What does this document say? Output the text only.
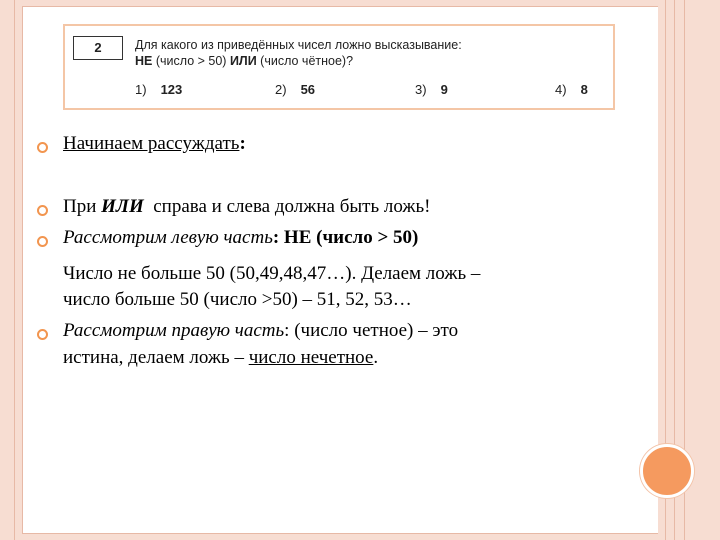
2	Для какого из приведённых чисел ложно высказывание:
НЕ (число > 50) ИЛИ (число чётное)?
1) 123	2) 56	3) 9	4) 8
Начинаем рассуждать:
При ИЛИ  справа и слева должна быть ложь!
Рассмотрим левую часть: НЕ (число > 50)
Число не больше 50 (50,49,48,47…). Делаем ложь –
число больше 50 (число >50) – 51, 52, 53…
Рассмотрим правую часть: (число четное) – это
истина, делаем ложь – число нечетное.
